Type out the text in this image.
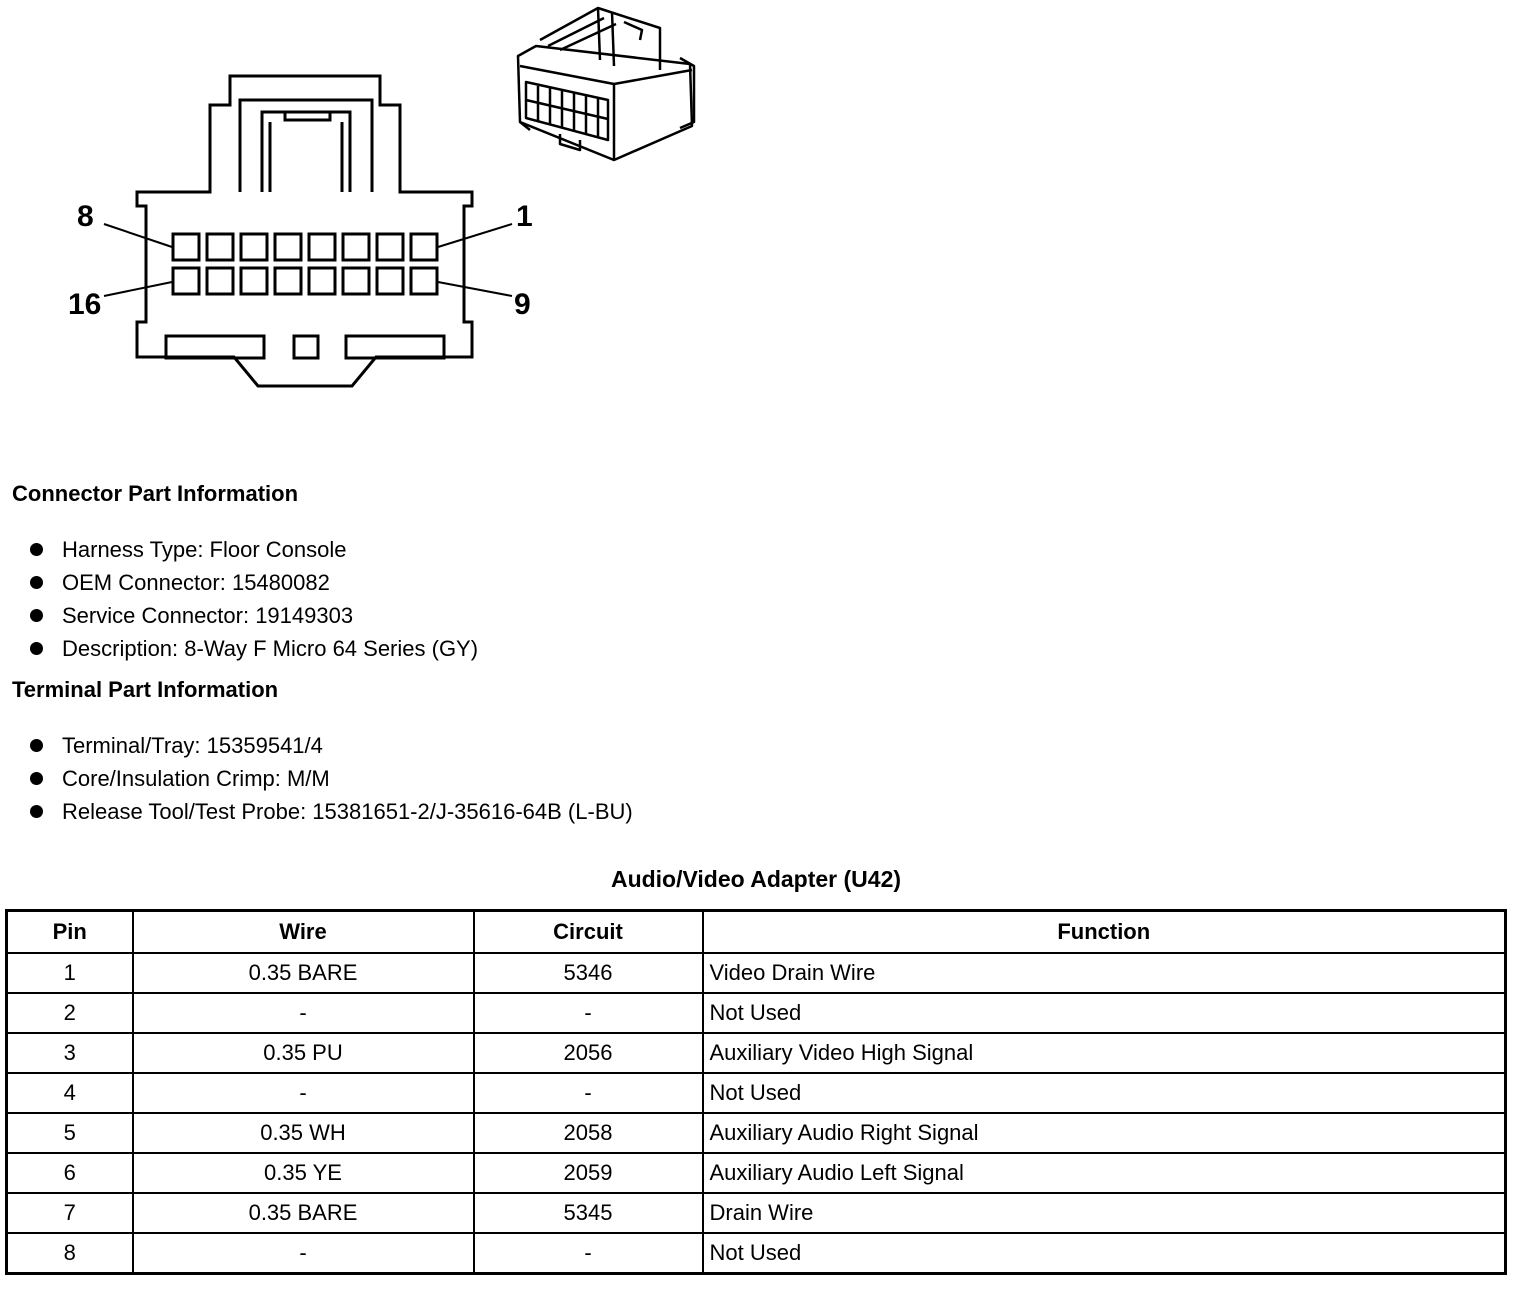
8	1
16	9
Connector Part Information
Harness Type: Floor Console
OEM Connector: 15480082
Service Connector: 19149303
Description: 8-Way F Micro 64 Series (GY)
Terminal Part Information
Terminal/Tray: 15359541/4
Core/Insulation Crimp: M/M
Release Tool/Test Probe: 15381651-2/J-35616-64B (L-BU)
Audio/Video Adapter (U42)
Pin	Wire	Circuit	Function
1	0.35 BARE	5346	Video Drain Wire
2	-	-	Not Used
3	0.35 PU	2056	Auxiliary Video High Signal
4	-	-	Not Used
5	0.35 WH	2058	Auxiliary Audio Right Signal
6	0.35 YE	2059	Auxiliary Audio Left Signal
7	0.35 BARE	5345	Drain Wire
8	-	-	Not Used
